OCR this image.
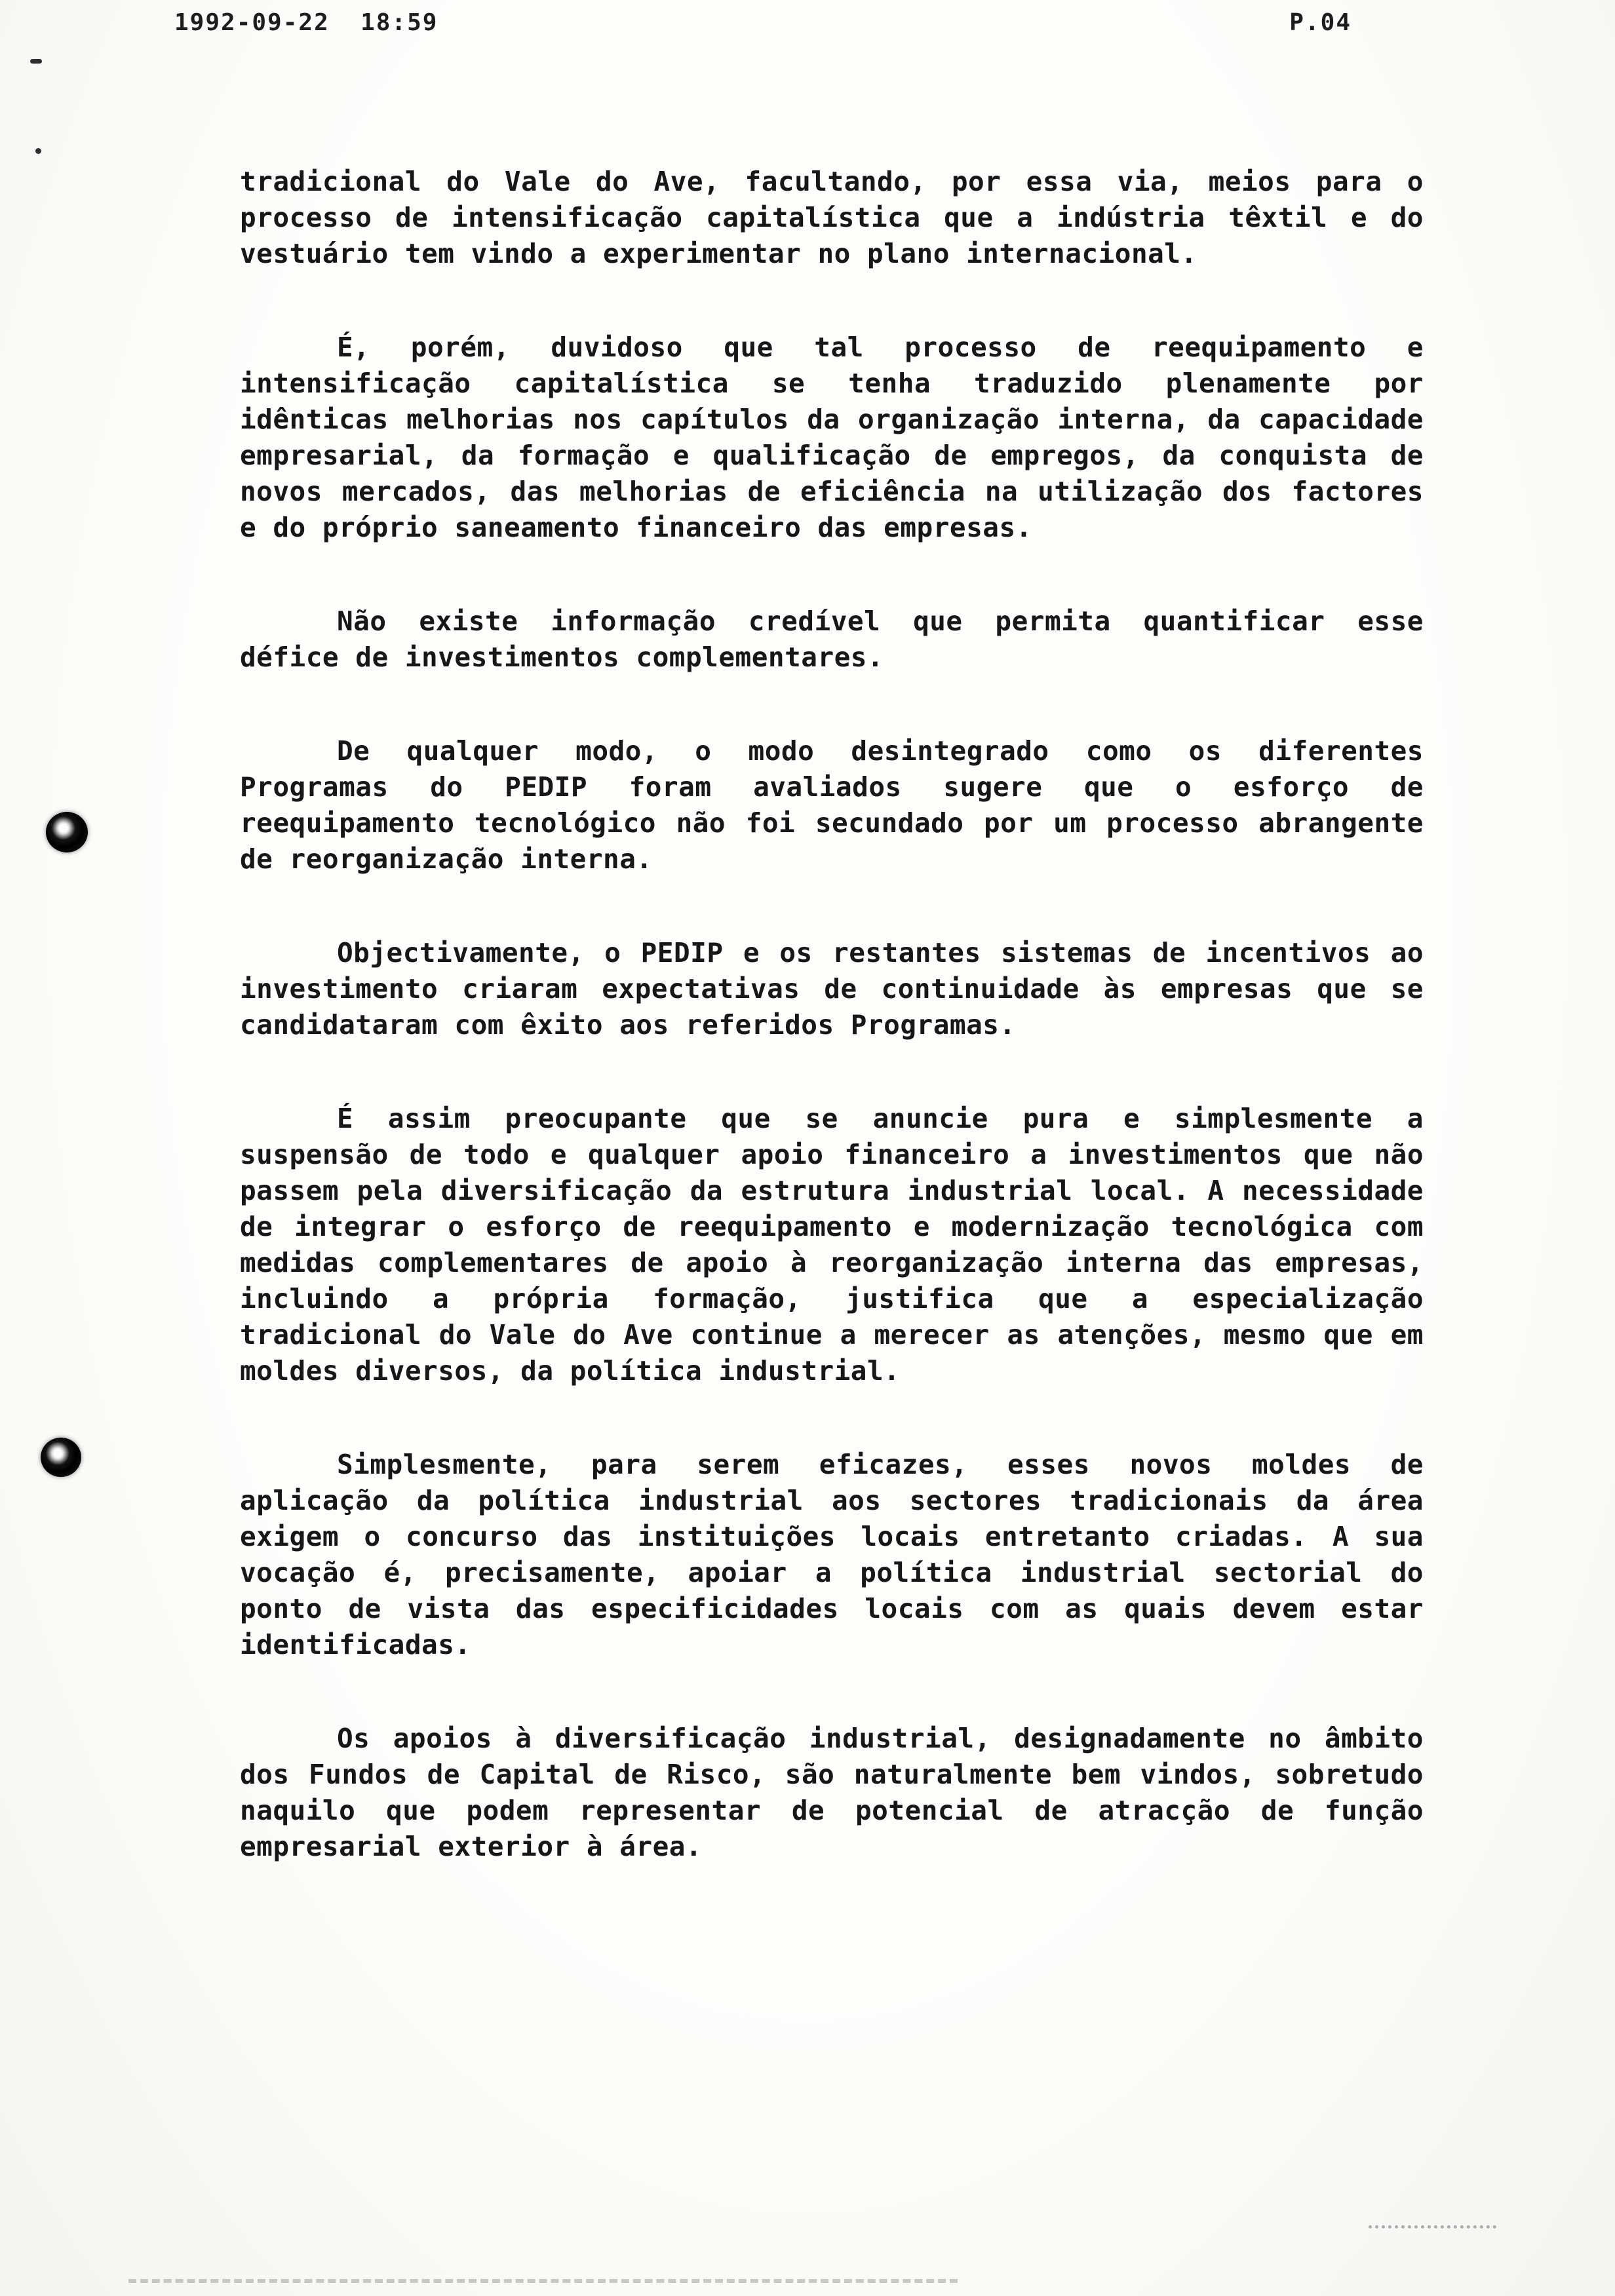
1992-09-22  18:59	P.04

tradicional do Vale do Ave, facultando, por essa via, meios para o processo de intensificação capitalística que a indústria têxtil e do vestuário tem vindo a experimentar no plano internacional.

É, porém, duvidoso que tal processo de reequipamento e intensificação capitalística se tenha traduzido plenamente por idênticas melhorias nos capítulos da organização interna, da capacidade empresarial, da formação e qualificação de empregos, da conquista de novos mercados, das melhorias de eficiência na utilização dos factores e do próprio saneamento financeiro das empresas.

Não existe informação credível que permita quantificar esse défice de investimentos complementares.

De qualquer modo, o modo desintegrado como os diferentes Programas do PEDIP foram avaliados sugere que o esforço de reequipamento tecnológico não foi secundado por um processo abrangente de reorganização interna.

Objectivamente, o PEDIP e os restantes sistemas de incentivos ao investimento criaram expectativas de continuidade às empresas que se candidataram com êxito aos referidos Programas.

É assim preocupante que se anuncie pura e simplesmente a suspensão de todo e qualquer apoio financeiro a investimentos que não passem pela diversificação da estrutura industrial local. A necessidade de integrar o esforço de reequipamento e modernização tecnológica com medidas complementares de apoio à reorganização interna das empresas, incluindo a própria formação, justifica que a especialização tradicional do Vale do Ave continue a merecer as atenções, mesmo que em moldes diversos, da política industrial.

Simplesmente, para serem eficazes, esses novos moldes de aplicação da política industrial aos sectores tradicionais da área exigem o concurso das instituições locais entretanto criadas. A sua vocação é, precisamente, apoiar a política industrial sectorial do ponto de vista das especificidades locais com as quais devem estar identificadas.

Os apoios à diversificação industrial, designadamente no âmbito dos Fundos de Capital de Risco, são naturalmente bem vindos, sobretudo naquilo que podem representar de potencial de atracção de função empresarial exterior à área.
